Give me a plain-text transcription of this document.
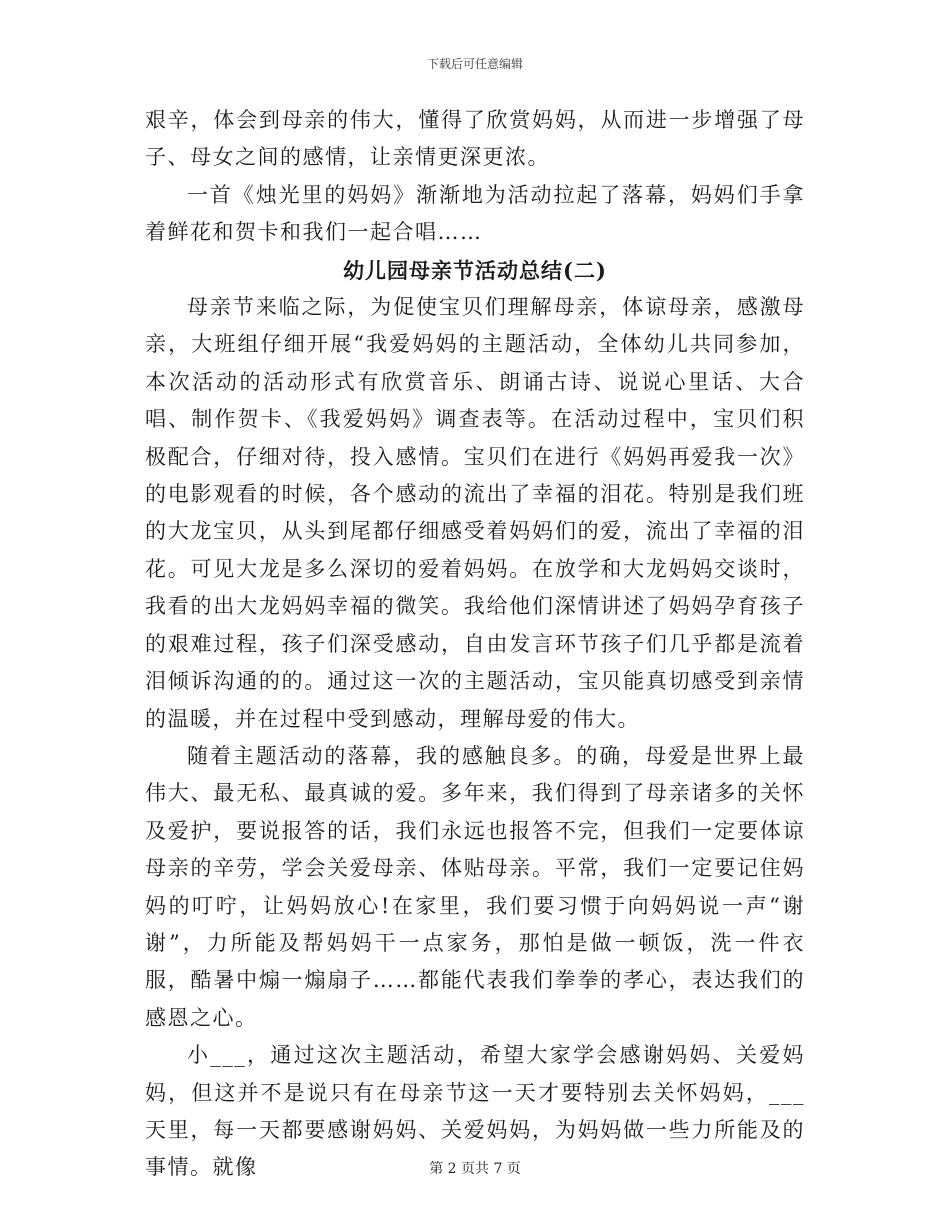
下载后可任意编辑

艰辛，体会到母亲的伟大，懂得了欣赏妈妈，从而进一步增强了母子、母女之间的感情，让亲情更深更浓。

一首《烛光里的妈妈》渐渐地为活动拉起了落幕，妈妈们手拿着鲜花和贺卡和我们一起合唱……

幼儿园母亲节活动总结(二)

母亲节来临之际，为促使宝贝们理解母亲，体谅母亲，感激母亲，大班组仔细开展“我爱妈妈的主题活动，全体幼儿共同参加，本次活动的活动形式有欣赏音乐、朗诵古诗、说说心里话、大合唱、制作贺卡、《我爱妈妈》调查表等。在活动过程中，宝贝们积极配合，仔细对待，投入感情。宝贝们在进行《妈妈再爱我一次》的电影观看的时候，各个感动的流出了幸福的泪花。特别是我们班的大龙宝贝，从头到尾都仔细感受着妈妈们的爱，流出了幸福的泪花。可见大龙是多么深切的爱着妈妈。在放学和大龙妈妈交谈时，我看的出大龙妈妈幸福的微笑。我给他们深情讲述了妈妈孕育孩子的艰难过程，孩子们深受感动，自由发言环节孩子们几乎都是流着泪倾诉沟通的的。通过这一次的主题活动，宝贝能真切感受到亲情的温暖，并在过程中受到感动，理解母爱的伟大。

随着主题活动的落幕，我的感触良多。的确，母爱是世界上最伟大、最无私、最真诚的爱。多年来，我们得到了母亲诸多的关怀及爱护，要说报答的话，我们永远也报答不完，但我们一定要体谅母亲的辛劳，学会关爱母亲、体贴母亲。平常，我们一定要记住妈妈的叮咛，让妈妈放心!在家里，我们要习惯于向妈妈说一声“谢谢”，力所能及帮妈妈干一点家务，那怕是做一顿饭，洗一件衣服，酷暑中煽一煽扇子……都能代表我们拳拳的孝心，表达我们的感恩之心。

小___，通过这次主题活动，希望大家学会感谢妈妈、关爱妈妈，但这并不是说只有在母亲节这一天才要特别去关怀妈妈，___天里，每一天都要感谢妈妈、关爱妈妈，为妈妈做一些力所能及的事情。就像	第 2 页共 7 页
